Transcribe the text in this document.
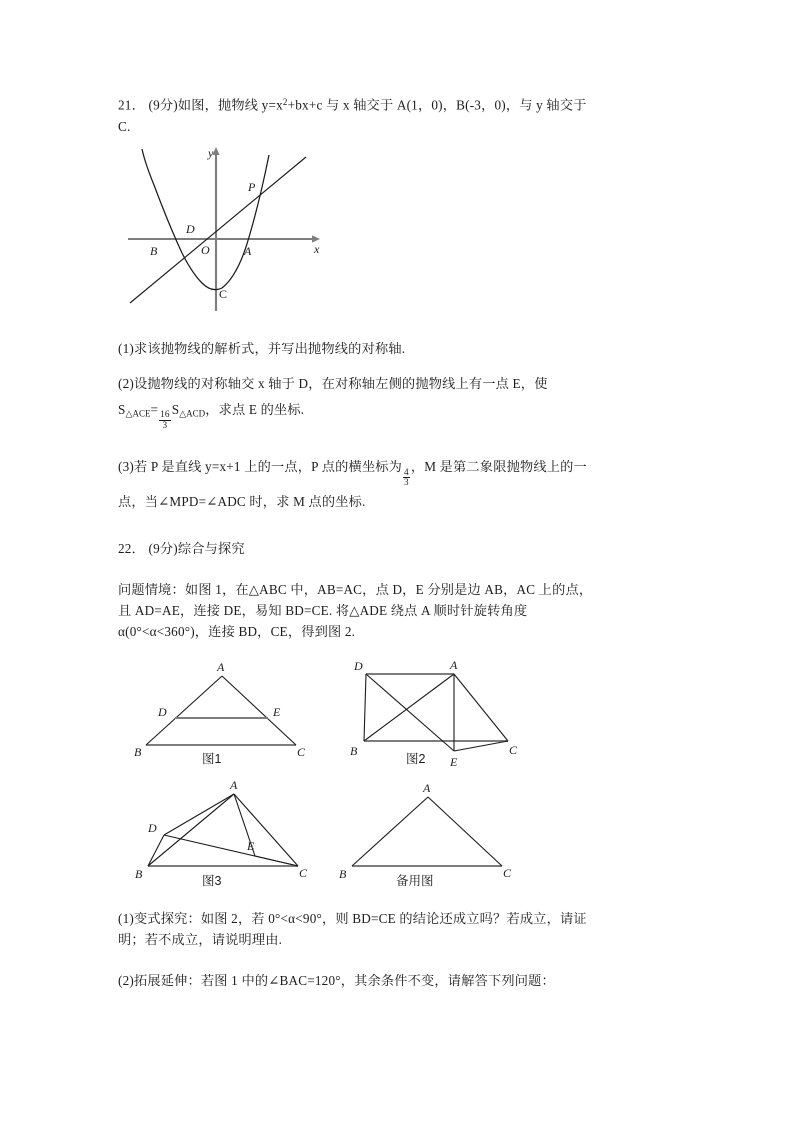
21． (9分)如图，抛物线 $y=x^2+bx+c$ 与 x 轴交于 A(1，0)，B(-3，0)，与 y 轴交于
C.
B
D
O	A
C
P
y
x
(1)求该抛物线的解析式，并写出抛物线的对称轴.
(2)设抛物线的对称轴交 x 轴于 D，在对称轴左侧的抛物线上有一点 E，使
$S_{\triangle ACE}=$
$\frac{16}{3}$
$S_{\triangle ACD}$，求点 E 的坐标.
(3)若 P 是直线 y=x+1 上的一点，P 点的横坐标为
$\frac{4}{3}$
，M 是第二象限抛物线上的一
点，当∠MPD=∠ADC 时，求 M 点的坐标.
22． (9分)综合与探究
问题情境：如图 1，在△ABC 中，AB=AC，点 D，E 分别是边 AB，AC 上的点，
且 AD=AE，连接 DE，易知 BD=CE. 将△ADE 绕点 A 顺时针旋转角度
α(0°<α<360°)，连接 BD，CE，得到图 2.
A
D	E
B	C
图1
D	A
B
E
C
图2
A
D
E
B	C
图3
A
B	C
备用图
(1)变式探究：如图 2，若 0°<α<90°，则 BD=CE 的结论还成立吗？若成立，请证
明；若不成立，请说明理由.
(2)拓展延伸：若图 1 中的∠BAC=120°，其余条件不变，请解答下列问题：
